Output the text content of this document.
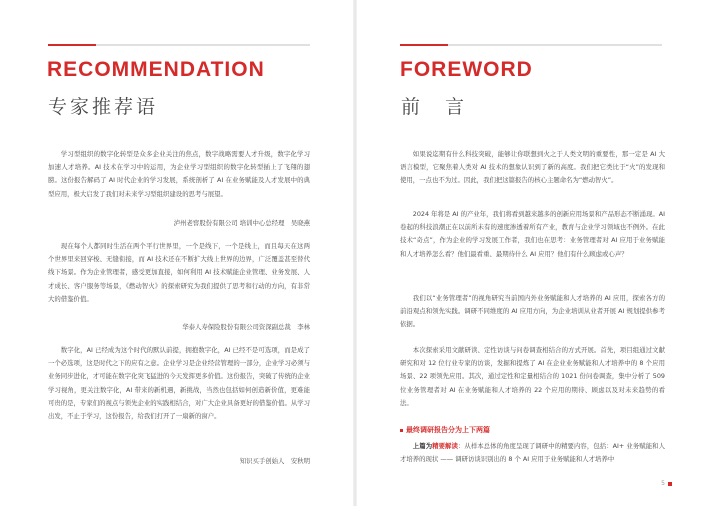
RECOMMENDATION
专家推荐语

学习型组织的数字化转型是众多企业关注的焦点，数字战略需要人才升级，数字化学习加速人才培养。AI 技术在学习中的运用，为企业学习型组织的数字化转型插上了飞翔的翅膀。这份报告解码了 AI 时代企业的学习发展，系统剖析了 AI 在业务赋能及人才发展中的典型应用，极大启发了我们对未来学习型组织建设的思考与展望。

泸州老窖股份有限公司 培训中心总经理　吴晓燕

现在每个人都同时生活在两个平行世界里，一个是线下，一个是线上，而且每天在这两个世界里来回穿梭、无缝衔接，而 AI 技术还在不断扩大线上世界的边界，广泛覆盖甚至替代线下场景。作为企业管理者，感受更加直接，如何利用 AI 技术赋能企业管理、业务发展、人才成长、客户服务等场景，《燃动智火》的探索研究为我们提供了思考和行动的方向，有非常大的借鉴价值。

华泰人寿保险股份有限公司资深副总裁　李林

数字化，AI 已经成为这个时代的默认前提，拥抱数字化，AI 已经不是可选项，而是成了一个必选项，这是时代之下的应有之意。企业学习是企业经营管理的一部分，企业学习必须与业务同步进化，才可能在数字化突飞猛进的今天发挥更多价值。这份报告，突破了传统的企业学习视角，更关注数字化，AI 带来的新机遇，新挑战，当然也包括如何创造新价值，更难能可贵的是，专家们的视点与领先企业的实践相结合，对广大企业具备更好的借鉴价值。从学习出发，不止于学习，这份报告，给我们打开了一扇新的窗户。

知识买手创始人　安秋明
FOREWORD
前　言

如果说迄期有什么科技突破，能够让你联想到火之于人类文明的重要性，那一定是 AI 大语言模型，它聚焦着人类对 AI 技术的想象认识到了新的高度。我们把它类比于“火”的发现和使用，一点也不为过。因此，我们把这篇报告的核心主题命名为“燃动智火”。

2024 年将是 AI 的产业年，我们将看到越来越多的创新应用场景和产品形态不断涌现。AI 卷起的科技浪潮正在以前所未有的速度渗透着所有产业，教育与企业学习领域也不例外。在此技术“奇点”，作为企业的学习发展工作者，我们也在思考：业务管理者对 AI 应用于业务赋能和人才培养怎么看？他们最看重、最期待什么 AI 应用？他们有什么顾虑或心声？

我们以“业务管理者”的视角研究当前国内外业务赋能和人才培养的 AI 应用，探索各方的前沿观点和领先实践。调研不同维度的 AI 应用方向，为企业培训从业者开展 AI 规划提供参考依据。

本次探索采用文献研读、定性访谈与问卷调查相结合的方式开展。首先，项目组通过文献研究和对 12 位行业专家的访谈，发掘和提炼了 AI 在企业业务赋能和人才培养中的 8 个应用场景、22 项领先应用。其次，通过定性和定量相结合的 1021 份问卷调查，集中分析了 509 位业务管理者对 AI 在业务赋能和人才培养的 22 个应用的期待、顾虑以及对未来趋势的看法。

最终调研报告分为上下两篇

上篇为精要解读：从样本总体的角度呈现了调研中的精要内容，包括：AI+ 业务赋能和人才培养的现状 —— 调研访谈识别出的 8 个 AI 应用于业务赋能和人才培养中

5
